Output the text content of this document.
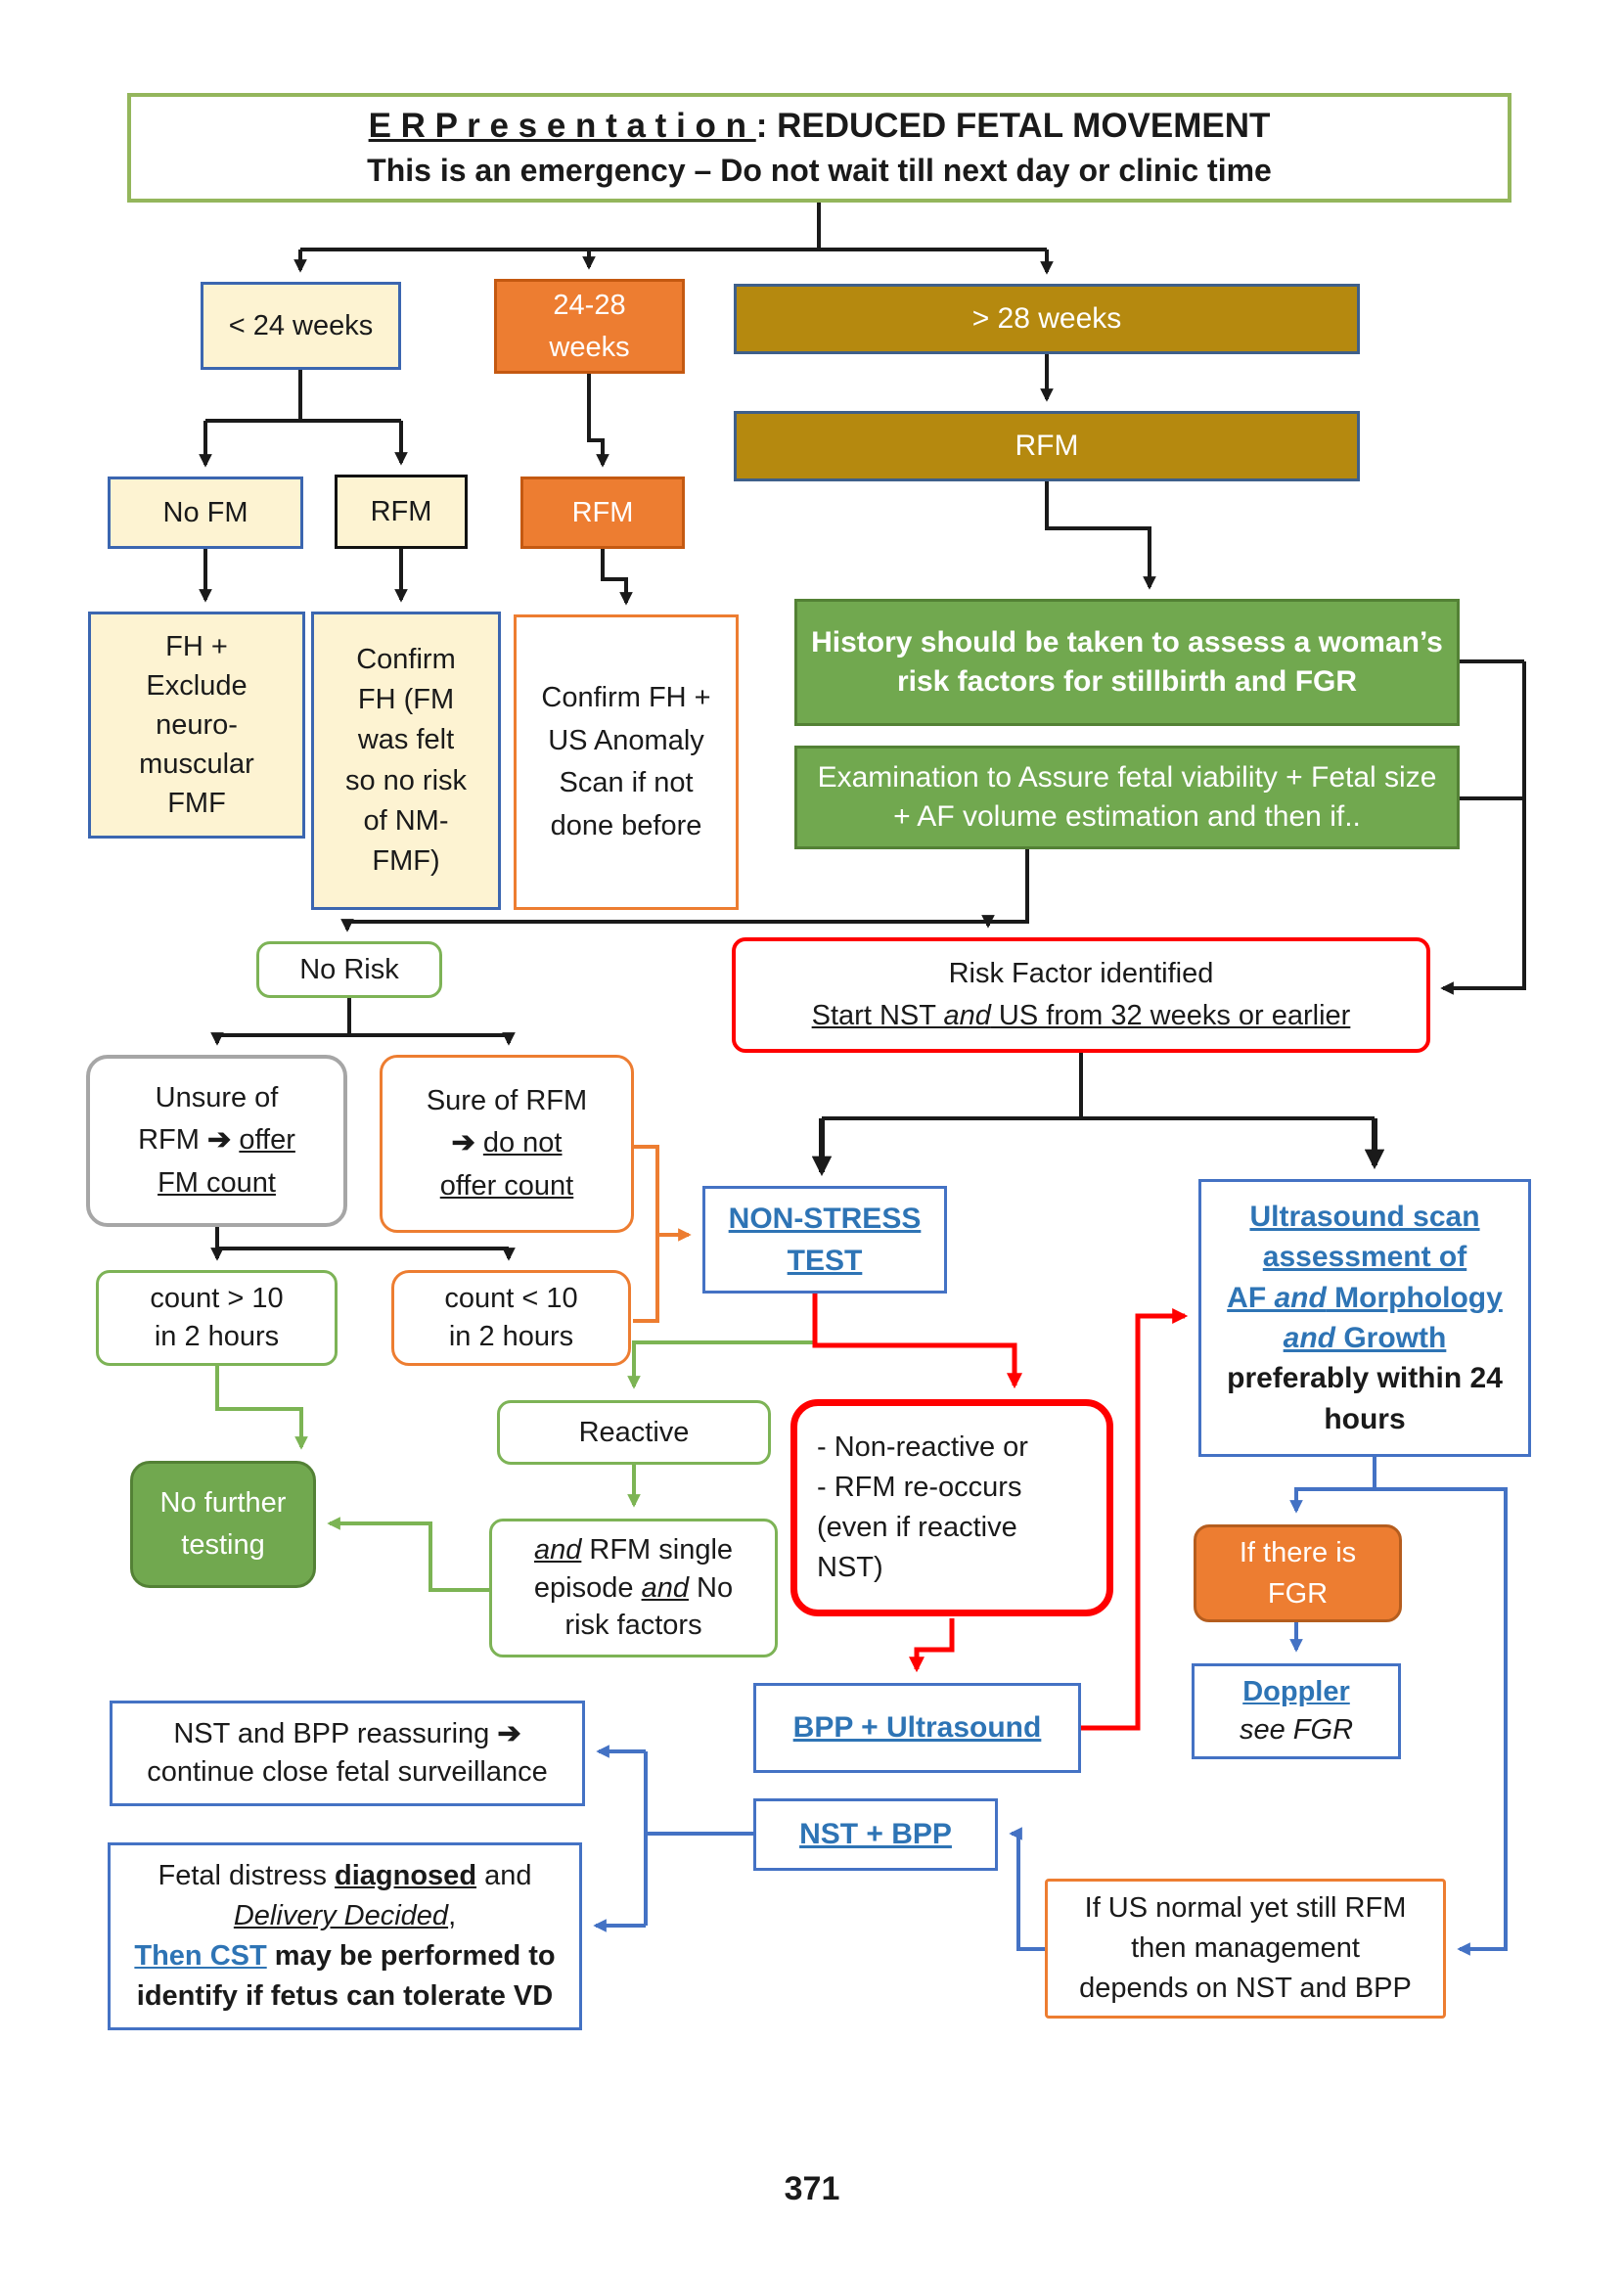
E R P r e s e n t a t i o n : REDUCED FETAL MOVEMENT
This is an emergency – Do not wait till next day or clinic time
< 24 weeks
24-28
weeks
> 28 weeks
RFM
No FM	RFM	RFM
FH +
Exclude
neuro-
muscular
FMF
Confirm
FH (FM
was felt
so no risk
of NM-
FMF)
Confirm FH +
US Anomaly
Scan if not
done before
History should be taken to assess a woman’s
risk factors for stillbirth and FGR
Examination to Assure fetal viability + Fetal size
+ AF volume estimation and then if..
No Risk	Risk Factor identified
Start NST and US from 32 weeks or earlier
Unsure of
RFM ➔ offer
FM count
Sure of RFM
➔ do not
offer count
count > 10
in 2 hours
count < 10
in 2 hours
NON-STRESS
TEST
Ultrasound scan
assessment of
AF and Morphology
and Growth
preferably within 24
hours
Reactive	- Non-reactive or
- RFM re-occurs
(even if reactive
NST)
No further
testing	and RFM single
episode and No
risk factors
If there is
FGR
Doppler
see FGR
BPP + Ultrasound
NST + BPP
NST and BPP reassuring ➔
continue close fetal surveillance
Fetal distress diagnosed and
Delivery Decided,
Then CST may be performed to
identify if fetus can tolerate VD
If US normal yet still RFM
then management
depends on NST and BPP
371
